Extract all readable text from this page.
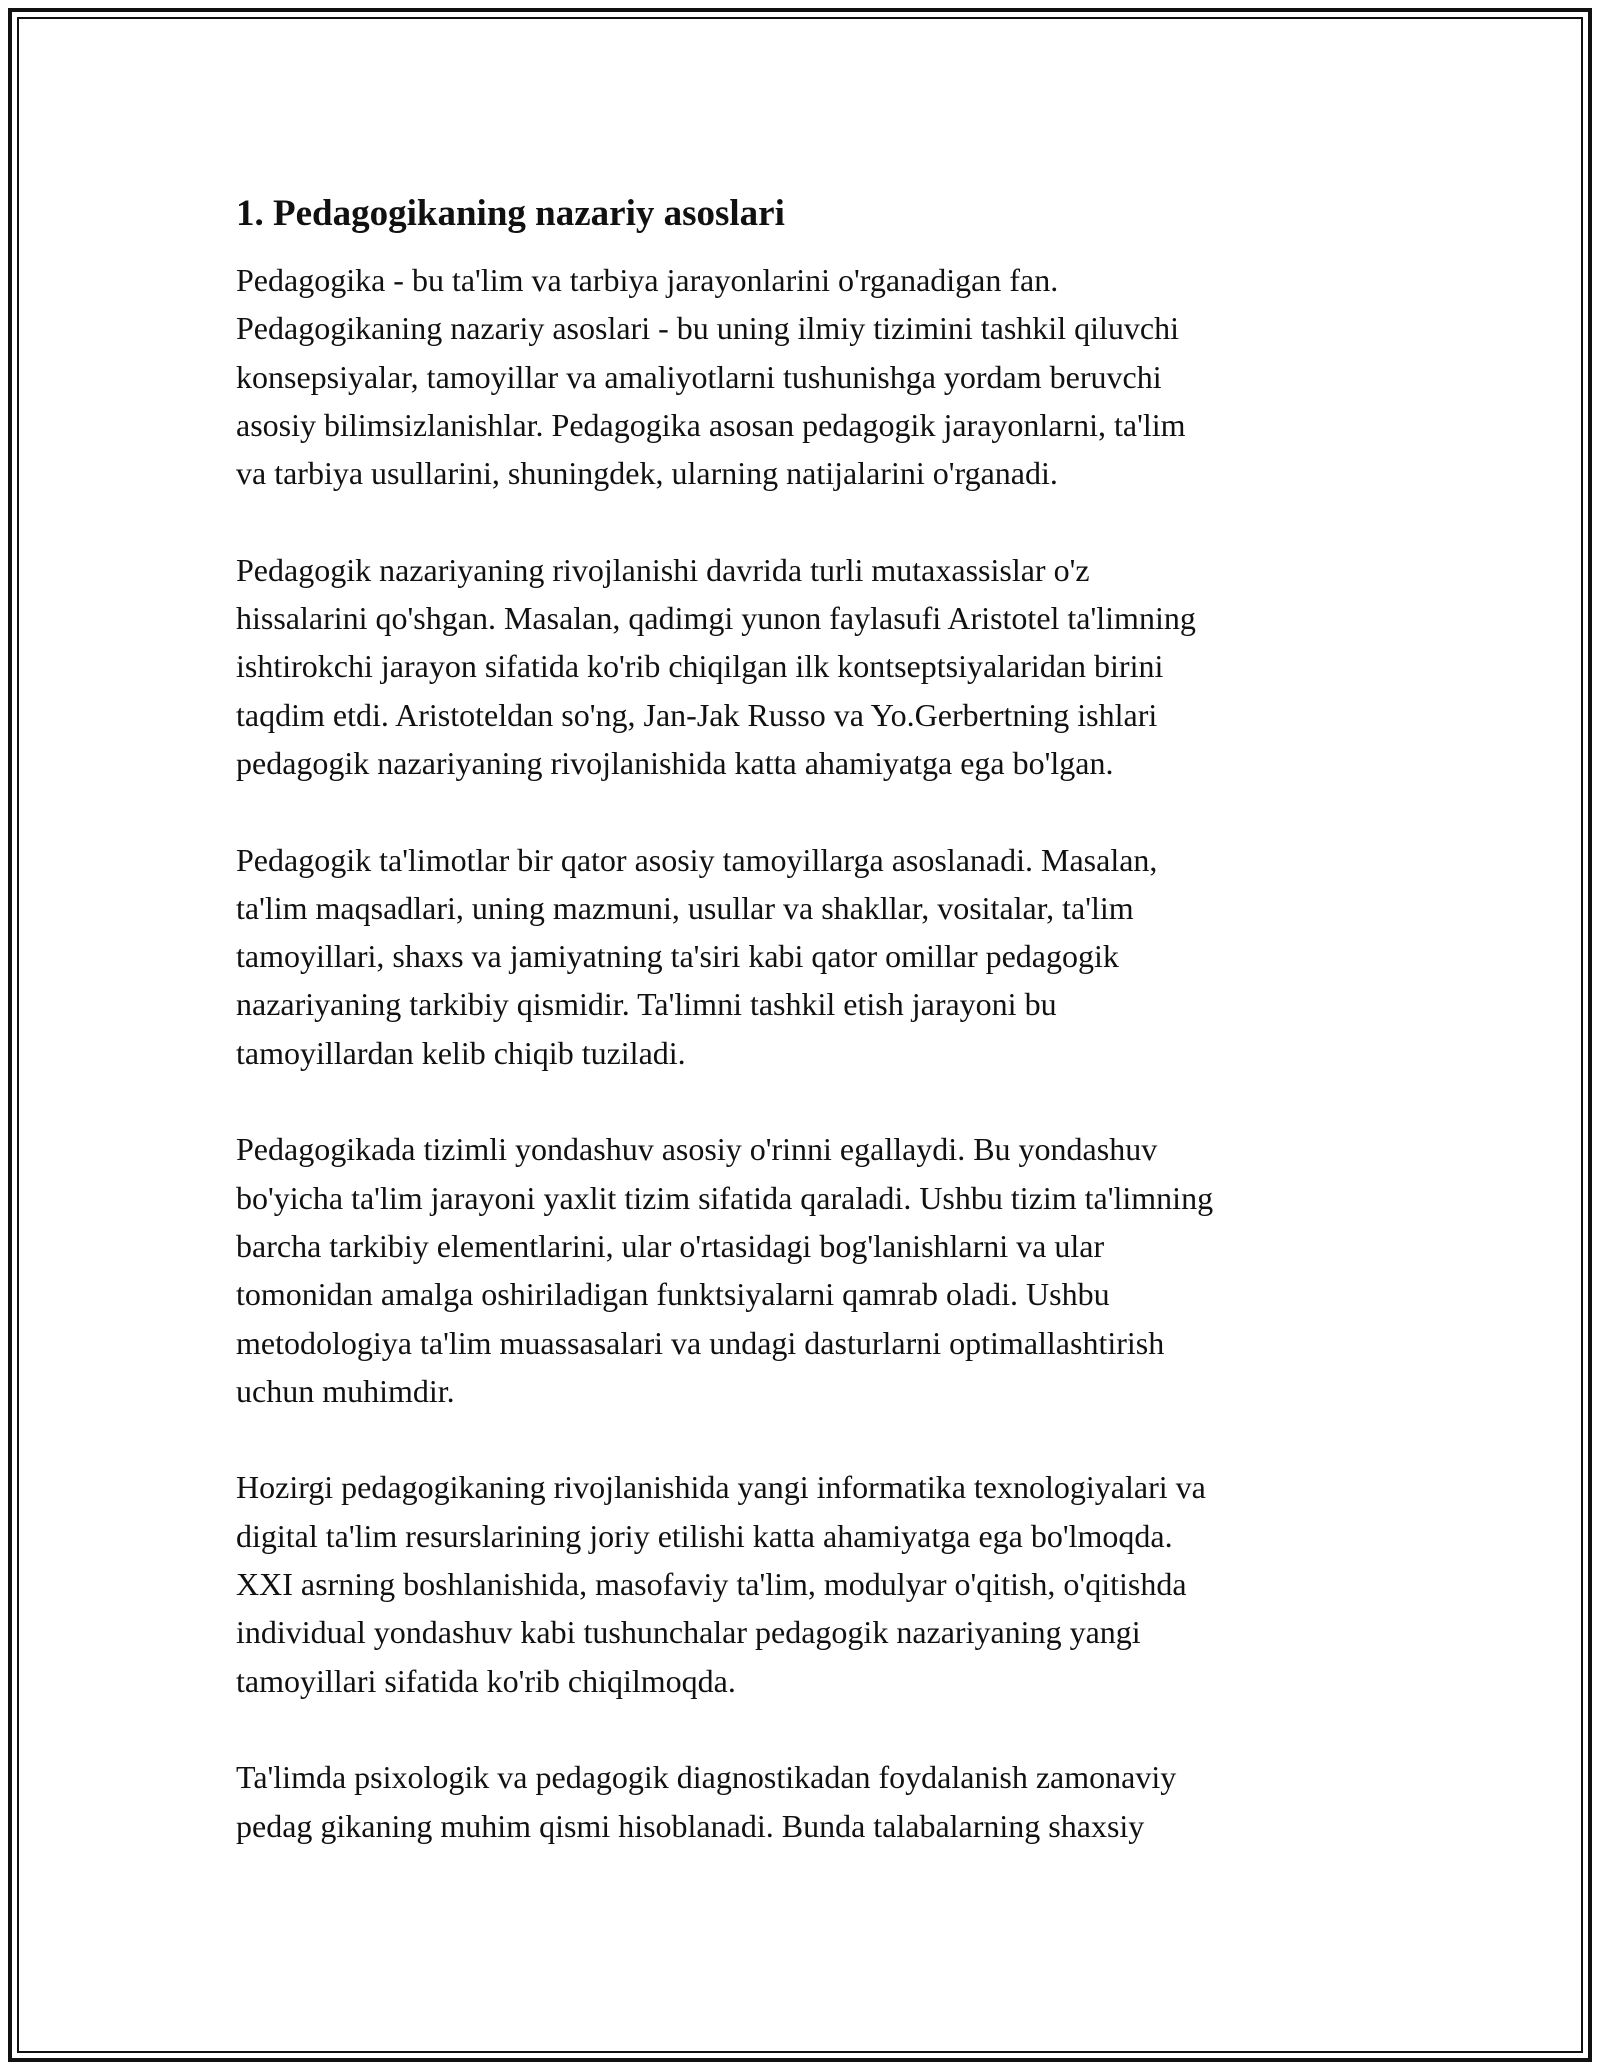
1. Pedagogikaning nazariy asoslari

Pedagogika - bu ta'lim va tarbiya jarayonlarini o'rganadigan fan.
Pedagogikaning nazariy asoslari - bu uning ilmiy tizimini tashkil qiluvchi
konsepsiyalar, tamoyillar va amaliyotlarni tushunishga yordam beruvchi
asosiy bilimsizlanishlar. Pedagogika asosan pedagogik jarayonlarni, ta'lim
va tarbiya usullarini, shuningdek, ularning natijalarini o'rganadi.

Pedagogik nazariyaning rivojlanishi davrida turli mutaxassislar o'z
hissalarini qo'shgan. Masalan, qadimgi yunon faylasufi Aristotel ta'limning
ishtirokchi jarayon sifatida ko'rib chiqilgan ilk kontseptsiyalaridan birini
taqdim etdi. Aristoteldan so'ng, Jan-Jak Russo va Yo.Gerbertning ishlari
pedagogik nazariyaning rivojlanishida katta ahamiyatga ega bo'lgan.

Pedagogik ta'limotlar bir qator asosiy tamoyillarga asoslanadi. Masalan,
ta'lim maqsadlari, uning mazmuni, usullar va shakllar, vositalar, ta'lim
tamoyillari, shaxs va jamiyatning ta'siri kabi qator omillar pedagogik
nazariyaning tarkibiy qismidir. Ta'limni tashkil etish jarayoni bu
tamoyillardan kelib chiqib tuziladi.

Pedagogikada tizimli yondashuv asosiy o'rinni egallaydi. Bu yondashuv
bo'yicha ta'lim jarayoni yaxlit tizim sifatida qaraladi. Ushbu tizim ta'limning
barcha tarkibiy elementlarini, ular o'rtasidagi bog'lanishlarni va ular
tomonidan amalga oshiriladigan funktsiyalarni qamrab oladi. Ushbu
metodologiya ta'lim muassasalari va undagi dasturlarni optimallashtirish
uchun muhimdir.

Hozirgi pedagogikaning rivojlanishida yangi informatika texnologiyalari va
digital ta'lim resurslarining joriy etilishi katta ahamiyatga ega bo'lmoqda.
XXI asrning boshlanishida, masofaviy ta'lim, modulyar o'qitish, o'qitishda
individual yondashuv kabi tushunchalar pedagogik nazariyaning yangi
tamoyillari sifatida ko'rib chiqilmoqda.

Ta'limda psixologik va pedagogik diagnostikadan foydalanish zamonaviy
pedag gikaning muhim qismi hisoblanadi. Bunda talabalarning shaxsiy
